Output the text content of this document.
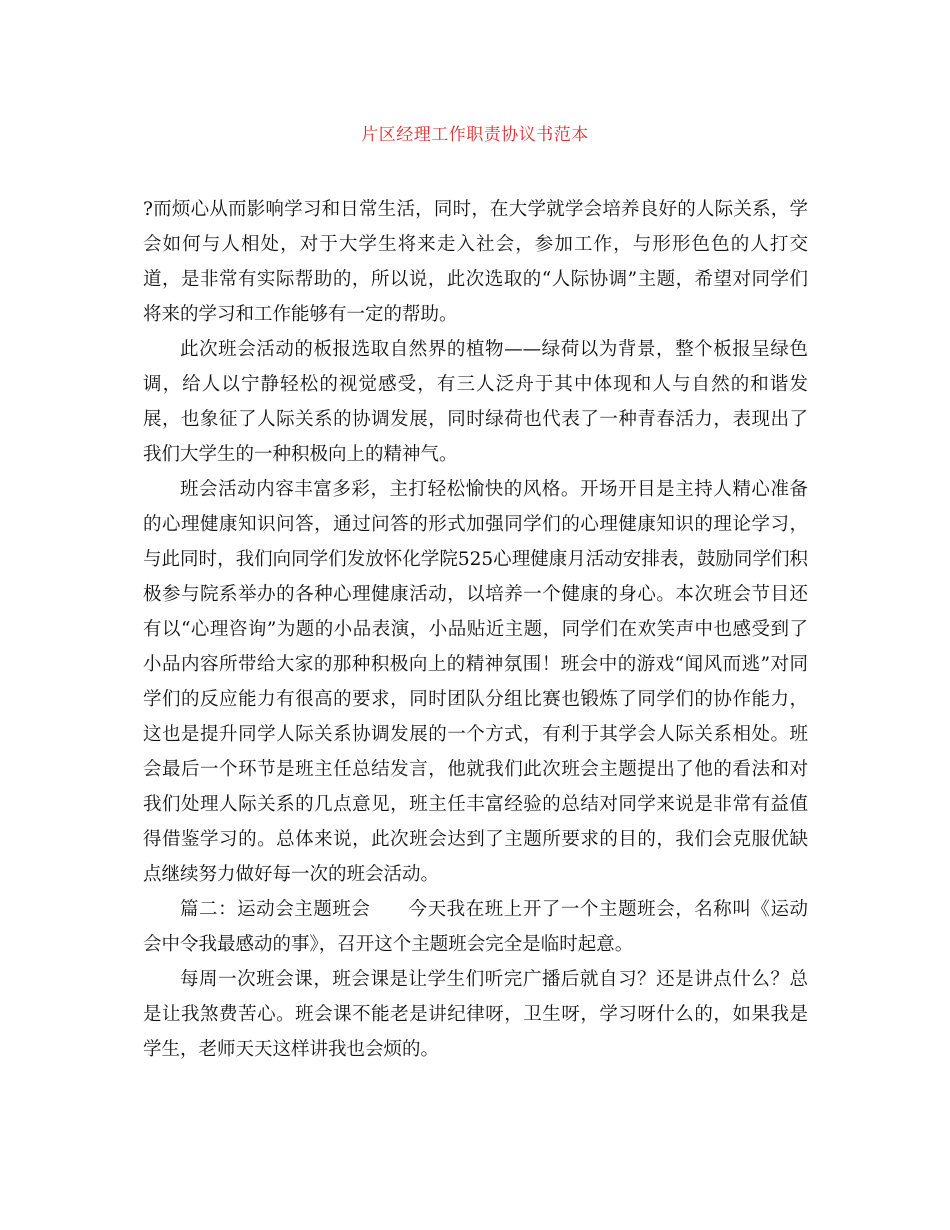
片区经理工作职责协议书范本

?而烦心从而影响学习和日常生活，同时，在大学就学会培养良好的人际关系，学会如何与人相处，对于大学生将来走入社会，参加工作，与形形色色的人打交道，是非常有实际帮助的，所以说，此次选取的“人际协调”主题，希望对同学们将来的学习和工作能够有一定的帮助。

此次班会活动的板报选取自然界的植物——绿荷以为背景，整个板报呈绿色调，给人以宁静轻松的视觉感受，有三人泛舟于其中体现和人与自然的和谐发展，也象征了人际关系的协调发展，同时绿荷也代表了一种青春活力，表现出了我们大学生的一种积极向上的精神气。

班会活动内容丰富多彩，主打轻松愉快的风格。开场开目是主持人精心准备的心理健康知识问答，通过问答的形式加强同学们的心理健康知识的理论学习，与此同时，我们向同学们发放怀化学院525心理健康月活动安排表，鼓励同学们积极参与院系举办的各种心理健康活动，以培养一个健康的身心。本次班会节目还有以“心理咨询”为题的小品表演，小品贴近主题，同学们在欢笑声中也感受到了小品内容所带给大家的那种积极向上的精神氛围！班会中的游戏“闻风而逃”对同学们的反应能力有很高的要求，同时团队分组比赛也锻炼了同学们的协作能力，这也是提升同学人际关系协调发展的一个方式，有利于其学会人际关系相处。班会最后一个环节是班主任总结发言，他就我们此次班会主题提出了他的看法和对我们处理人际关系的几点意见，班主任丰富经验的总结对同学来说是非常有益值得借鉴学习的。总体来说，此次班会达到了主题所要求的目的，我们会克服优缺点继续努力做好每一次的班会活动。

篇二：运动会主题班会　　今天我在班上开了一个主题班会，名称叫《运动会中令我最感动的事》，召开这个主题班会完全是临时起意。

每周一次班会课，班会课是让学生们听完广播后就自习？还是讲点什么？总是让我煞费苦心。班会课不能老是讲纪律呀，卫生呀，学习呀什么的，如果我是学生，老师天天这样讲我也会烦的。
